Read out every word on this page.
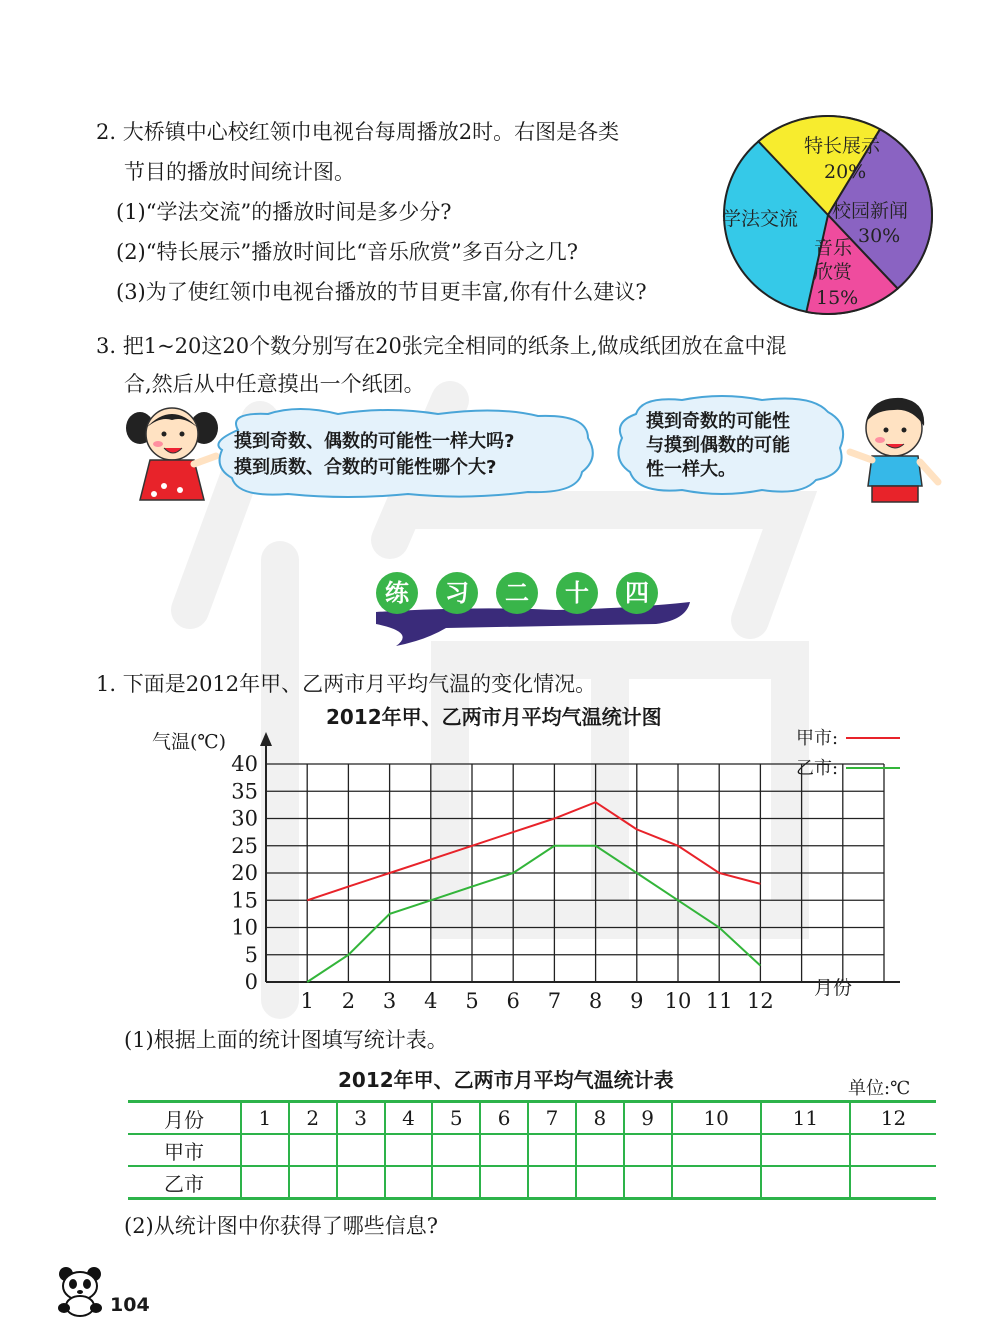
2. 大桥镇中心校红领巾电视台每周播放2时。右图是各类
节目的播放时间统计图。
(1)“学法交流”的播放时间是多少分?
(2)“特长展示”播放时间比“音乐欣赏”多百分之几?
(3)为了使红领巾电视台播放的节目更丰富,你有什么建议?
特长展示
20%
校园新闻
30%
音乐
欣赏
15%
学法交流
3. 把1~20这20个数分别写在20张完全相同的纸条上,做成纸团放在盒中混
合,然后从中任意摸出一个纸团。
摸到奇数、偶数的可能性一样大吗?
摸到质数、合数的可能性哪个大?
摸到奇数的可能性
与摸到偶数的可能
性一样大。
练	习	二	十	四
1. 下面是2012年甲、乙两市月平均气温的变化情况。
2012年甲、乙两市月平均气温统计图
气温(℃)
月份
0
5
10
15
20
25
30
35
40
1 2 3 4 5 6 7 8 9 10 11 12
甲市:
乙市:
(1)根据上面的统计图填写统计表。
2012年甲、乙两市月平均气温统计表	单位:℃
月份	1	2	3	4	5	6	7	8	9	10	11	12
甲市												
乙市												
(2)从统计图中你获得了哪些信息?
104
